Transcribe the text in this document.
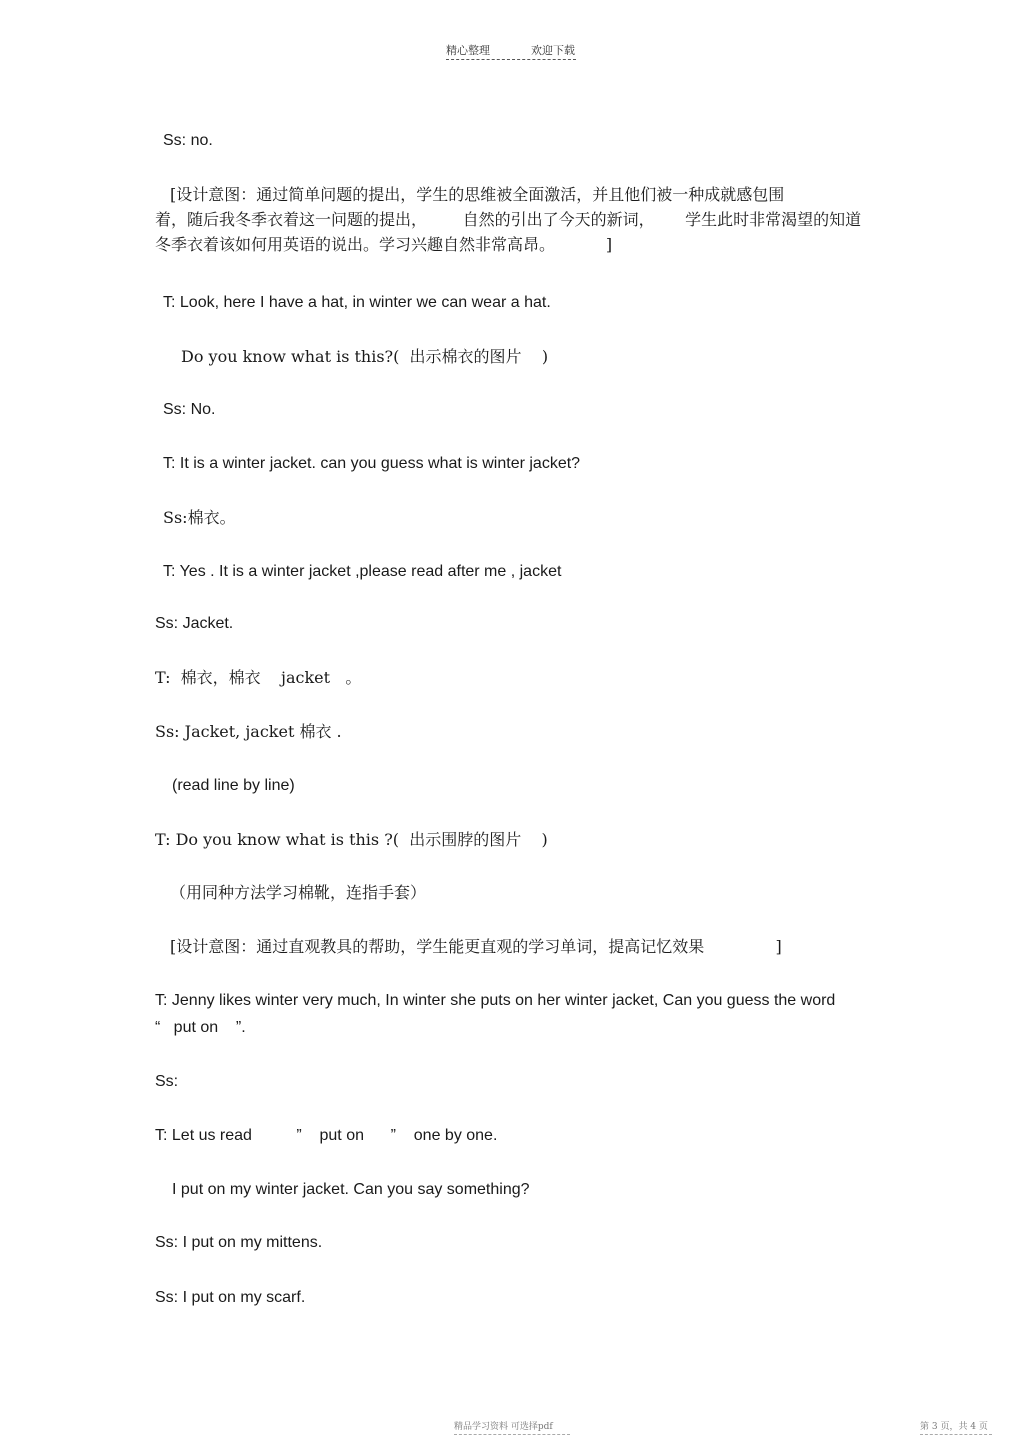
精心整理	欢迎下载
Ss: no.
[设计意图：通过简单问题的提出，学生的思维被全面激活，并且他们被一种成就感包围
着，随后我冬季衣着这一问题的提出，       自然的引出了今天的新词，      学生此时非常渴望的知道
冬季衣着该如何用英语的说出。学习兴趣自然非常高昂。          ]
T: Look, here I have a hat, in winter we can wear a hat.
Do you know what is this?(  出示棉衣的图片    )
Ss: No.
T: It is a winter jacket. can you guess what is winter jacket?
Ss:棉衣。
T: Yes . It is a winter jacket ,please read after me , jacket
Ss: Jacket.
T:  棉衣，棉衣    jacket   。
Ss: Jacket, jacket 棉衣 .
(read line by line)
T: Do you know what is this ?(  出示围脖的图片    )
（用同种方法学习棉靴，连指手套）
[设计意图：通过直观教具的帮助，学生能更直观的学习单词，提高记忆效果              ]
T: Jenny likes winter very much, In winter she puts on her winter jacket, Can you guess the word
“   put on    ”.
Ss:
T: Let us read          ”    put on      ”    one by one.
I put on my winter jacket. Can you say something?
Ss: I put on my mittens.
Ss: I put on my scarf.
精品学习资料 可选择pdf	第 3 页，共 4 页
